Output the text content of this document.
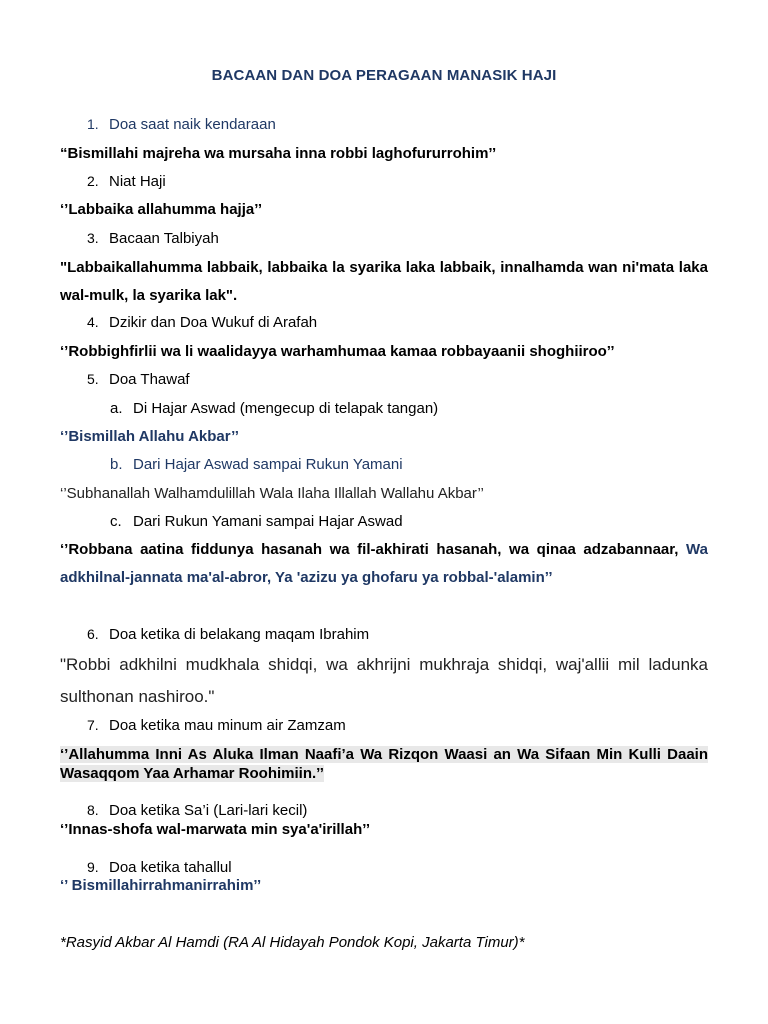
BACAAN DAN DOA PERAGAAN MANASIK HAJI
1. Doa saat naik kendaraan
“Bismillahi majreha wa mursaha inna robbi laghofururrohim’’
2. Niat Haji
‘’Labbaika allahumma hajja’’
3. Bacaan Talbiyah
"Labbaikallahumma labbaik, labbaika la syarika laka labbaik, innalhamda wan ni'mata laka wal-mulk, la syarika lak".
4. Dzikir dan Doa Wukuf di Arafah
‘’Robbighfirlii wa li waalidayya warhamhumaa kamaa robbayaanii shoghiiroo’’
5. Doa Thawaf
a. Di Hajar Aswad (mengecup di telapak tangan)
‘’Bismillah Allahu Akbar’’
b. Dari Hajar Aswad sampai Rukun Yamani
‘’Subhanallah Walhamdulillah Wala Ilaha Illallah Wallahu Akbar’’
c. Dari Rukun Yamani sampai Hajar Aswad
‘’Robbana aatina fiddunya hasanah wa fil-akhirati hasanah, wa qinaa adzabannaar, Wa adkhilnal-jannata ma'al-abror, Ya 'azizu ya ghofaru ya robbal-'alamin’’
6. Doa ketika di belakang maqam Ibrahim
"Robbi adkhilni mudkhala shidqi, wa akhrijni mukhraja shidqi, waj'allii mil ladunka sulthonan nashiroo."
7. Doa ketika mau minum air Zamzam
‘’Allahumma Inni As Aluka Ilman Naafi’a Wa Rizqon Waasi an Wa Sifaan Min Kulli Daain Wasaqqom Yaa Arhamar Roohimiin.’’
8. Doa ketika Sa’i (Lari-lari kecil)
‘’Innas-shofa wal-marwata min sya'a'irillah’’
9. Doa ketika tahallul
‘’ Bismillahirrahmanirrahim’’
*Rasyid Akbar Al Hamdi (RA Al Hidayah Pondok Kopi, Jakarta Timur)*
